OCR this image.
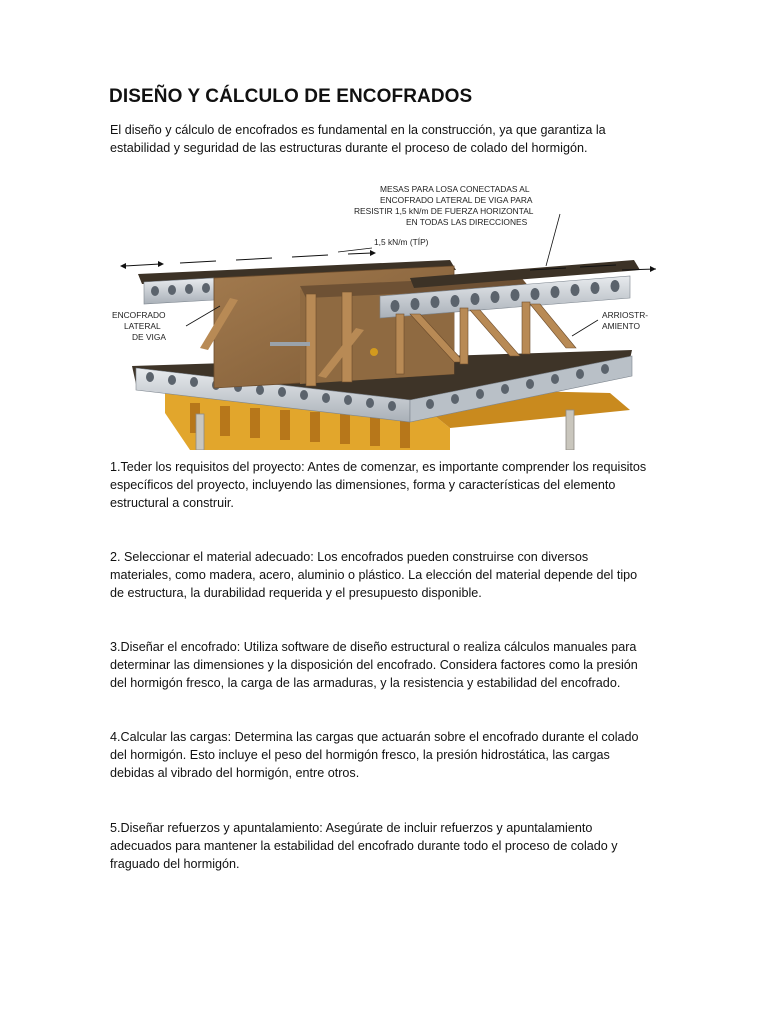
DISEÑO Y CÁLCULO DE ENCOFRADOS

El diseño y cálculo de encofrados es fundamental en la construcción, ya que garantiza la estabilidad y seguridad de las estructuras durante el proceso de colado del hormigón.

MESAS PARA LOSA CONECTADAS AL
ENCOFRADO LATERAL DE VIGA PARA
RESISTIR 1,5 kN/m DE FUERZA HORIZONTAL
EN TODAS LAS DIRECCIONES
1,5 kN/m (TÍP)
ENCOFRADO
LATERAL
DE VIGA
ARRIOSTR-
AMIENTO

1.Teder los requisitos del proyecto: Antes de comenzar, es importante comprender los requisitos específicos del proyecto, incluyendo las dimensiones, forma y características del elemento estructural a construir.

2. Seleccionar el material adecuado: Los encofrados pueden construirse con diversos materiales, como madera, acero, aluminio o plástico. La elección del material depende del tipo de estructura, la durabilidad requerida y el presupuesto disponible.

3.Diseñar el encofrado: Utiliza software de diseño estructural o realiza cálculos manuales para determinar las dimensiones y la disposición del encofrado. Considera factores como la presión del hormigón fresco, la carga de las armaduras, y la resistencia y estabilidad del encofrado.

4.Calcular las cargas: Determina las cargas que actuarán sobre el encofrado durante el colado del hormigón. Esto incluye el peso del hormigón fresco, la presión hidrostática, las cargas debidas al vibrado del hormigón, entre otros.

5.Diseñar refuerzos y apuntalamiento: Asegúrate de incluir refuerzos y apuntalamiento adecuados para mantener la estabilidad del encofrado durante todo el proceso de colado y fraguado del hormigón.
